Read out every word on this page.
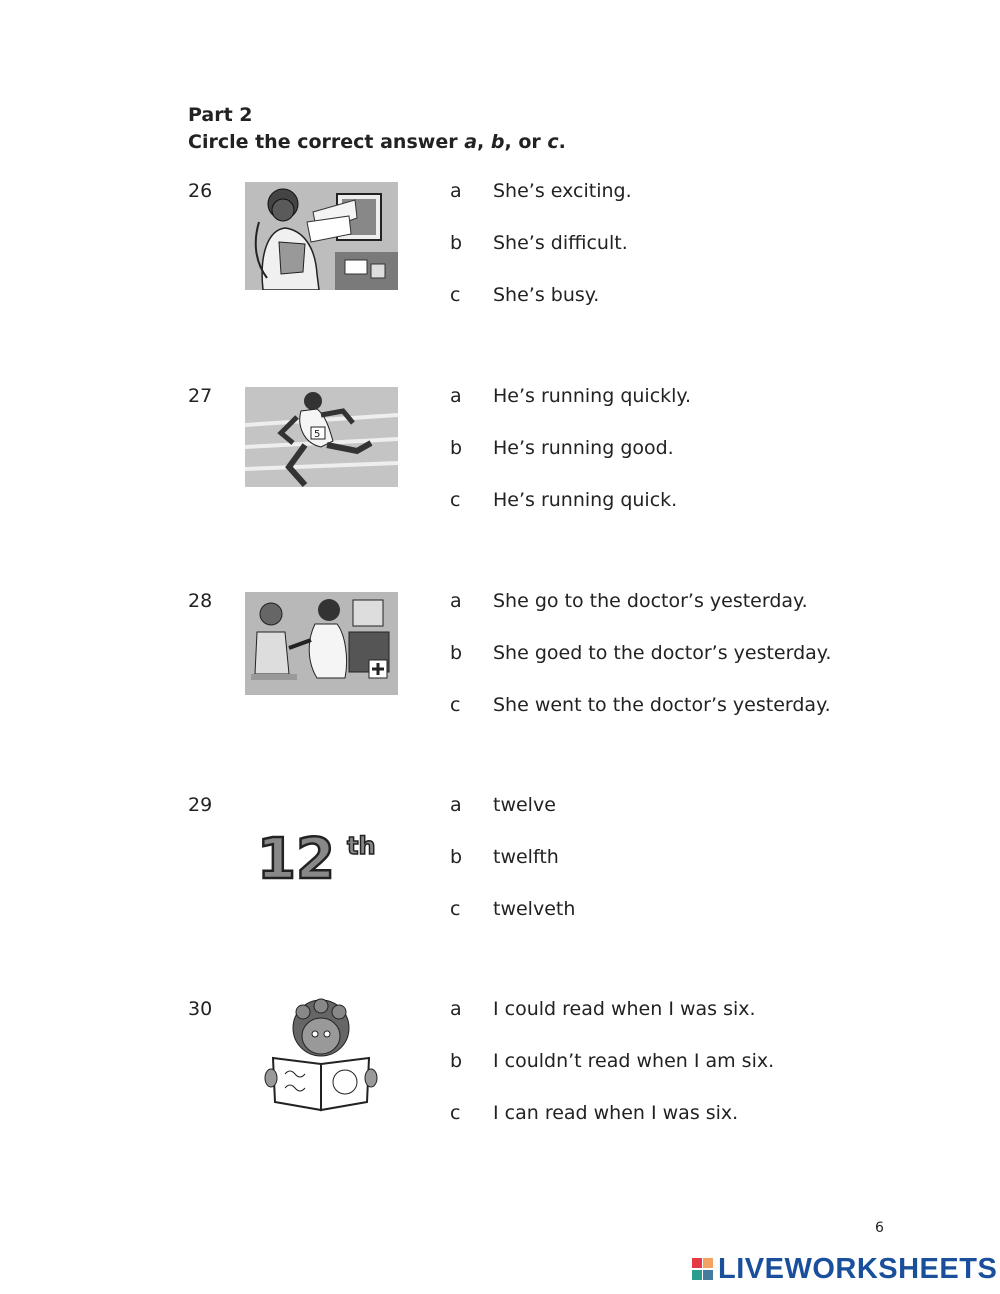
Part 2
Circle the correct answer a, b, or c.
26	a	She’s exciting.
b	She’s difficult.
c	She’s busy.
27
5
a	He’s running quickly.
b	He’s running good.
c	He’s running quick.
28	a	She go to the doctor’s yesterday.
b	She goed to the doctor’s yesterday.
c	She went to the doctor’s yesterday.
29
12 th
a	twelve
b	twelfth
c	twelveth
30	a	I could read when I was six.
b	I couldn’t read when I am six.
c	I can read when I was six.
6
LIVEWORKSHEETS
